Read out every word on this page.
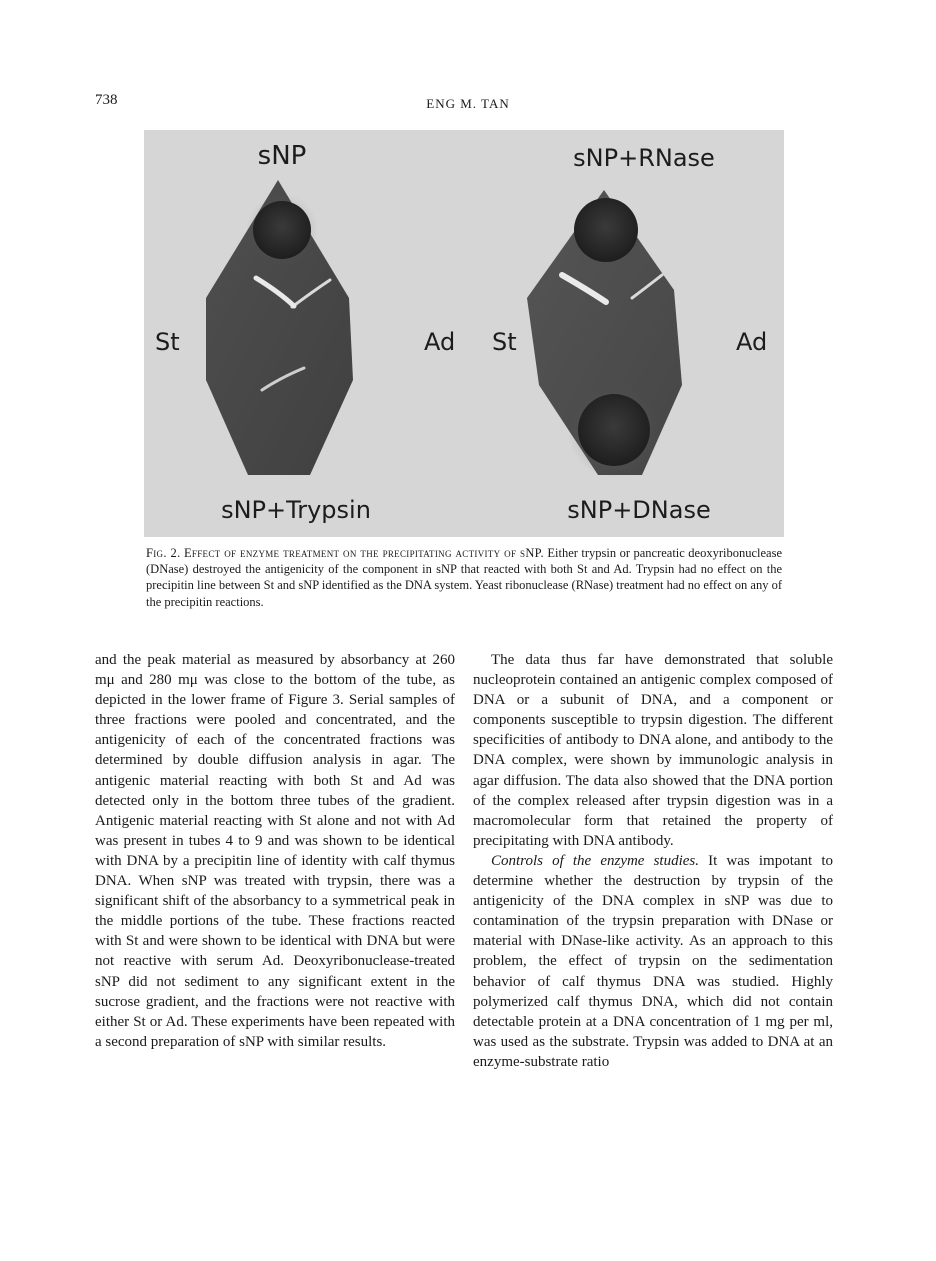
738	ENG M. TAN
sNP	sNP+RNase
St	Ad St	Ad
sNP+Trypsin	sNP+DNase
Fig. 2. Effect of enzyme treatment on the precipitating activity of sNP. Either trypsin or pancreatic deoxyribonuclease (DNase) destroyed the antigenicity of the component in sNP that reacted with both St and Ad. Trypsin had no effect on the precipitin line between St and sNP identified as the DNA system. Yeast ribonuclease (RNase) treatment had no effect on any of the precipitin reactions.

and the peak material as measured by absorbancy at 260 mμ and 280 mμ was close to the bottom of the tube, as depicted in the lower frame of Figure 3. Serial samples of three fractions were pooled and concentrated, and the antigenicity of each of the concentrated fractions was determined by double diffusion analysis in agar. The antigenic material reacting with both St and Ad was detected only in the bottom three tubes of the gradient. Antigenic material reacting with St alone and not with Ad was present in tubes 4 to 9 and was shown to be identical with DNA by a precipitin line of identity with calf thymus DNA. When sNP was treated with trypsin, there was a significant shift of the absorbancy to a symmetrical peak in the middle portions of the tube. These fractions reacted with St and were shown to be identical with DNA but were not reactive with serum Ad. Deoxyribonuclease-treated sNP did not sediment to any significant extent in the sucrose gradient, and the fractions were not reactive with either St or Ad. These experiments have been repeated with a second preparation of sNP with similar results.

The data thus far have demonstrated that soluble nucleoprotein contained an antigenic complex composed of DNA or a subunit of DNA, and a component or components susceptible to trypsin digestion. The different specificities of antibody to DNA alone, and antibody to the DNA complex, were shown by immunologic analysis in agar diffusion. The data also showed that the DNA portion of the complex released after trypsin digestion was in a macromolecular form that retained the property of precipitating with DNA antibody.

Controls of the enzyme studies. It was impotant to determine whether the destruction by trypsin of the antigenicity of the DNA complex in sNP was due to contamination of the trypsin preparation with DNase or material with DNase-like activity. As an approach to this problem, the effect of trypsin on the sedimentation behavior of calf thymus DNA was studied. Highly polymerized calf thymus DNA, which did not contain detectable protein at a DNA concentration of 1 mg per ml, was used as the substrate. Trypsin was added to DNA at an enzyme-substrate ratio
